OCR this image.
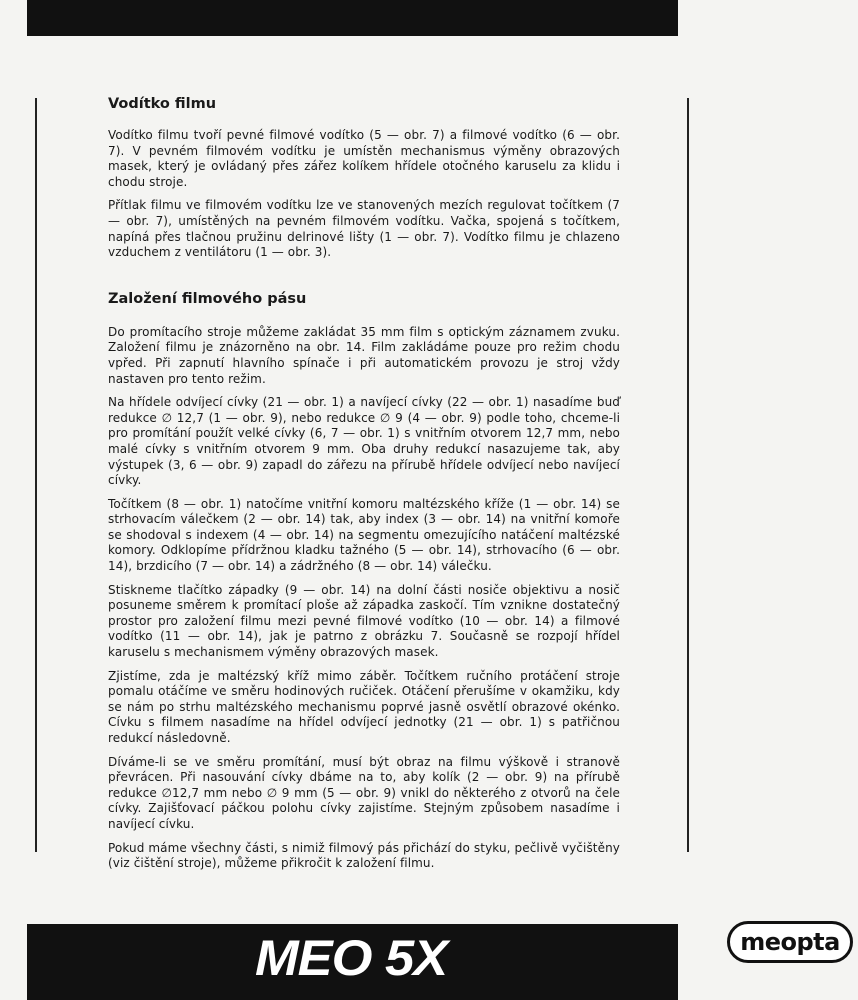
Vodítko filmu

Vodítko filmu tvoří pevné filmové vodítko (5 — obr. 7) a filmové vodítko (6 — obr. 7). V pevném filmovém vodítku je umístěn mechanismus výměny obrazových masek, který je ovládaný přes zářez kolíkem hřídele otočného karuselu za klidu i chodu stroje.

Přítlak filmu ve filmovém vodítku lze ve stanovených mezích regulovat točítkem (7 — obr. 7), umístěných na pevném filmovém vodítku. Vačka, spojená s točítkem, napíná přes tlačnou pružinu delrinové lišty (1 — obr. 7). Vodítko filmu je chlazeno vzduchem z ventilátoru (1 — obr. 3).

Založení filmového pásu

Do promítacího stroje můžeme zakládat 35 mm film s optickým záznamem zvuku. Založení filmu je znázorněno na obr. 14. Film zakládáme pouze pro režim chodu vpřed. Při zapnutí hlavního spínače i při automatickém provozu je stroj vždy nastaven pro tento režim.

Na hřídele odvíjecí cívky (21 — obr. 1) a navíjecí cívky (22 — obr. 1) nasadíme buď redukce ∅ 12,7 (1 — obr. 9), nebo redukce ∅ 9 (4 — obr. 9) podle toho, chceme-li pro promítání použít velké cívky (6, 7 — obr. 1) s vnitřním otvorem 12,7 mm, nebo malé cívky s vnitřním otvorem 9 mm. Oba druhy redukcí nasazujeme tak, aby výstupek (3, 6 — obr. 9) zapadl do zářezu na přírubě hřídele odvíjecí nebo navíjecí cívky.

Točítkem (8 — obr. 1) natočíme vnitřní komoru maltézského kříže (1 — obr. 14) se strhovacím válečkem (2 — obr. 14) tak, aby index (3 — obr. 14) na vnitřní komoře se shodoval s indexem (4 — obr. 14) na segmentu omezujícího natáčení maltézské komory. Odklopíme přídržnou kladku tažného (5 — obr. 14), strhovacího (6 — obr. 14), brzdicího (7 — obr. 14) a zádržného (8 — obr. 14) válečku.

Stiskneme tlačítko západky (9 — obr. 14) na dolní části nosiče objektivu a nosič posuneme směrem k promítací ploše až západka zaskočí. Tím vznikne dostatečný prostor pro založení filmu mezi pevné filmové vodítko (10 — obr. 14) a filmové vodítko (11 — obr. 14), jak je patrno z obrázku 7. Současně se rozpojí hřídel karuselu s mechanismem výměny obrazových masek.

Zjistíme, zda je maltézský kříž mimo záběr. Točítkem ručního protáčení stroje pomalu otáčíme ve směru hodinových ručiček. Otáčení přerušíme v okamžiku, kdy se nám po strhu maltézského mechanismu poprvé jasně osvětlí obrazové okénko. Cívku s filmem nasadíme na hřídel odvíjecí jednotky (21 — obr. 1) s patřičnou redukcí následovně.

Díváme-li se ve směru promítání, musí být obraz na filmu výškově i stranově převrácen. Při nasouvání cívky dbáme na to, aby kolík (2 — obr. 9) na přírubě redukce ∅12,7 mm nebo ∅ 9 mm (5 — obr. 9) vnikl do některého z otvorů na čele cívky. Zajišťovací páčkou polohu cívky zajistíme. Stejným způsobem nasadíme i navíjecí cívku.

Pokud máme všechny části, s nimiž filmový pás přichází do styku, pečlivě vyčištěny (viz čištění stroje), můžeme přikročit k založení filmu.

MEO 5X	meopta
